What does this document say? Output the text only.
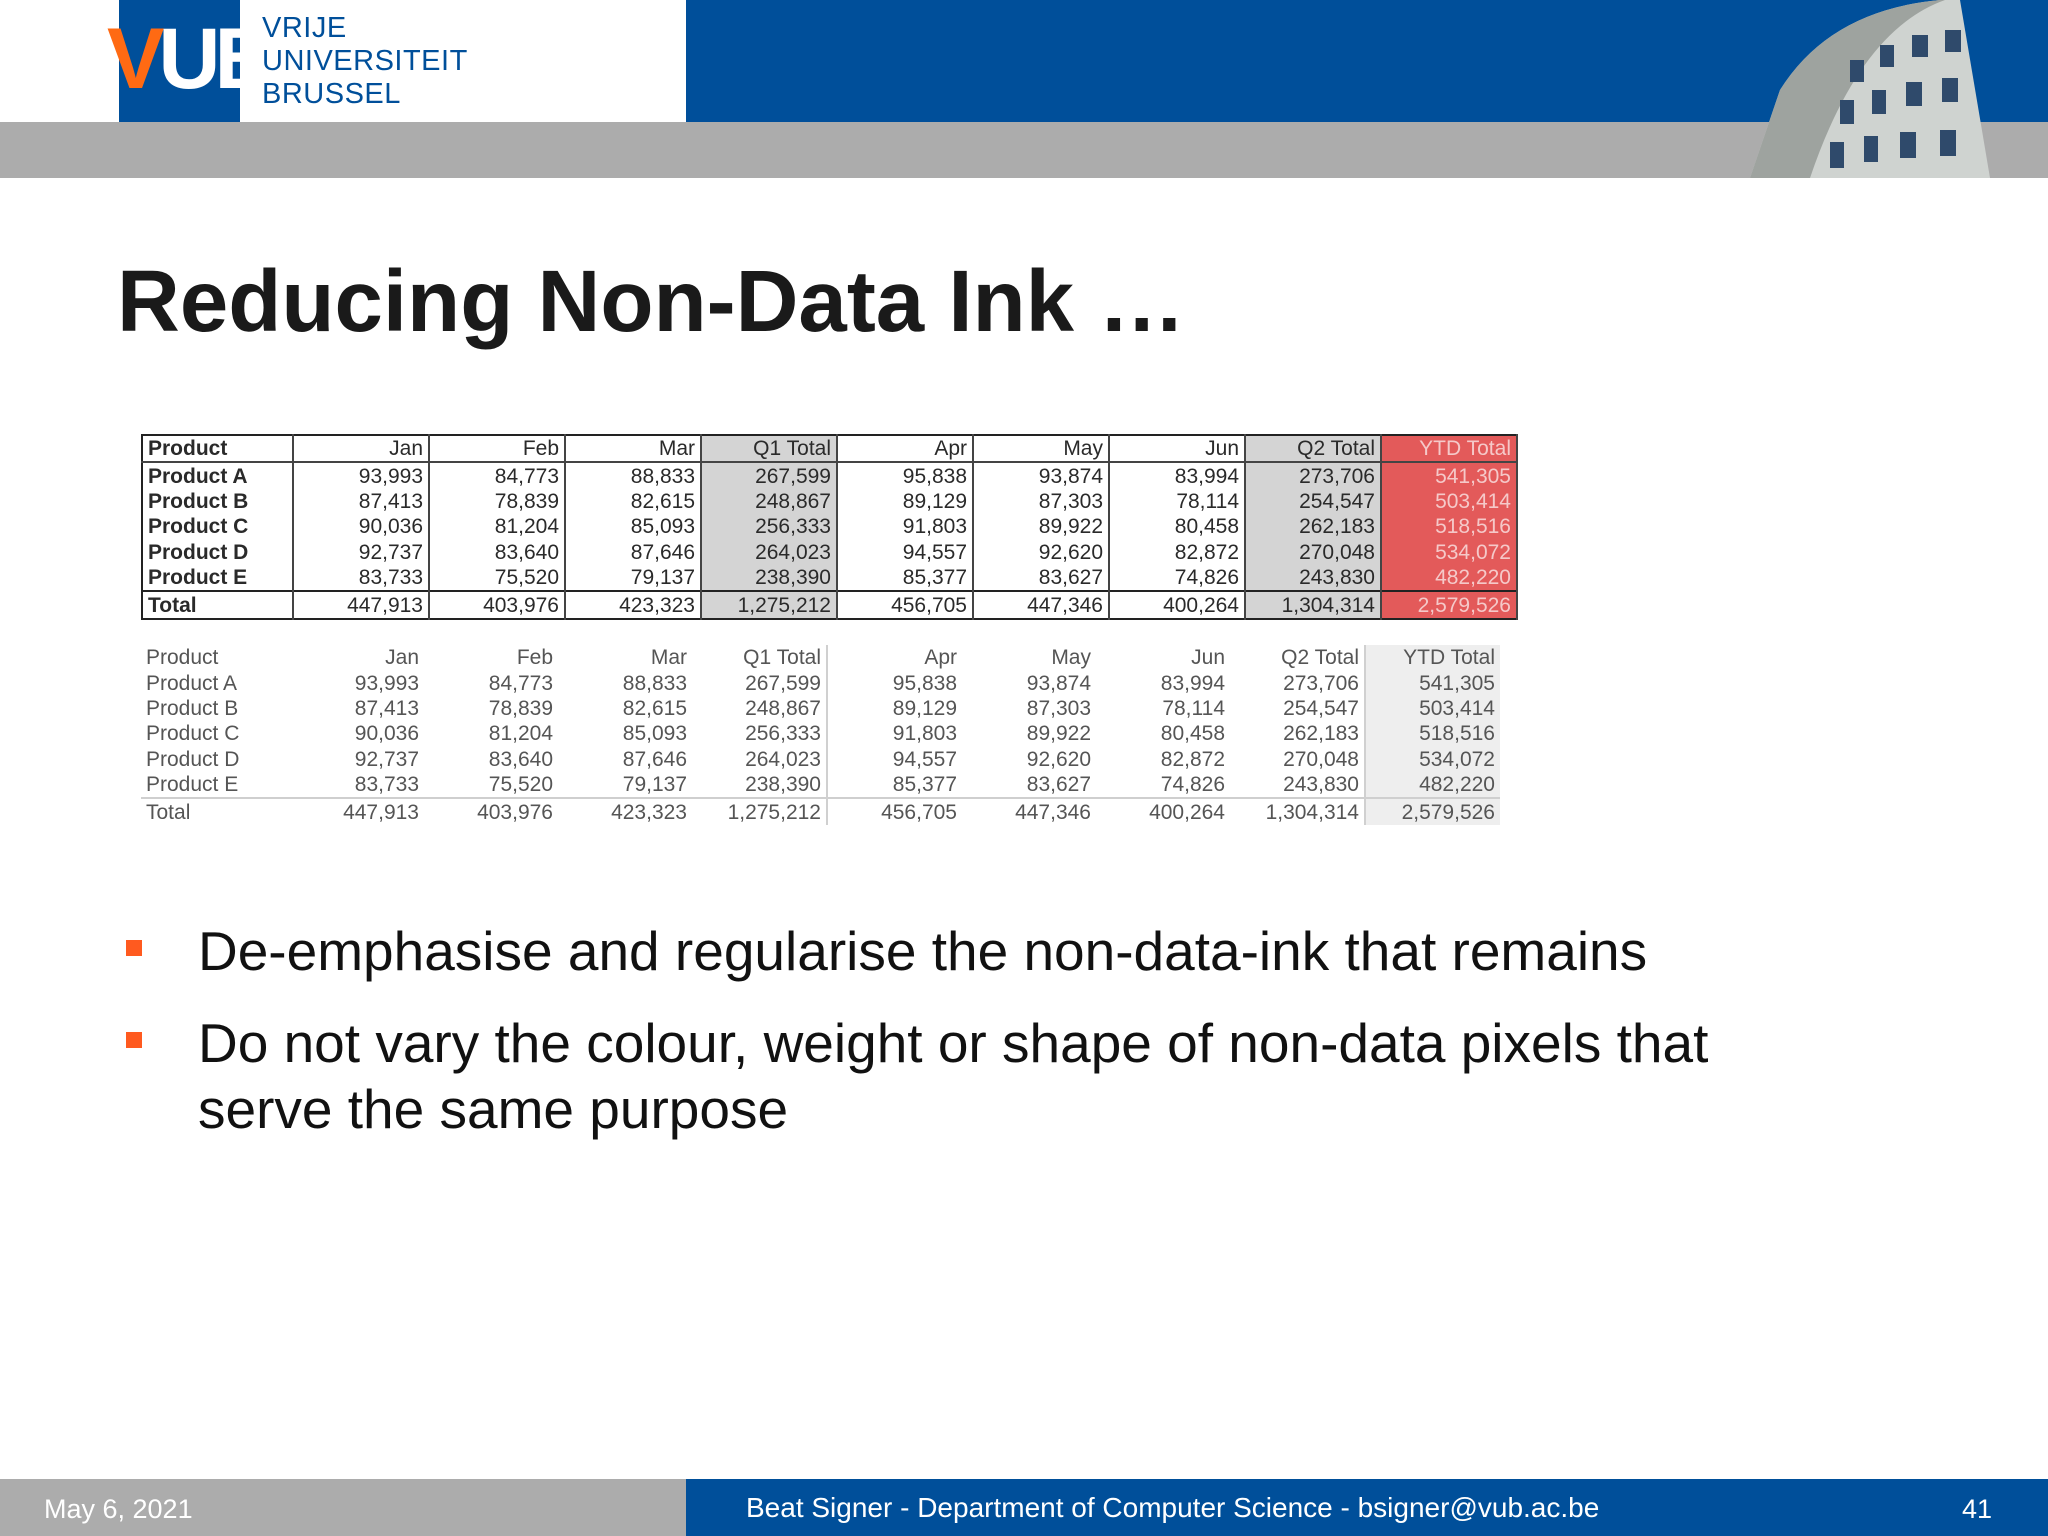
VUB
VRIJE
UNIVERSITEIT
BRUSSEL
Reducing Non-Data Ink …
Product	Jan	Feb	Mar	Q1 Total	Apr	May	Jun	Q2 Total	YTD Total
Product A	93,993	84,773	88,833	267,599	95,838	93,874	83,994	273,706	541,305
Product B	87,413	78,839	82,615	248,867	89,129	87,303	78,114	254,547	503,414
Product C	90,036	81,204	85,093	256,333	91,803	89,922	80,458	262,183	518,516
Product D	92,737	83,640	87,646	264,023	94,557	92,620	82,872	270,048	534,072
Product E	83,733	75,520	79,137	238,390	85,377	83,627	74,826	243,830	482,220
Total	447,913	403,976	423,323	1,275,212	456,705	447,346	400,264	1,304,314	2,579,526
Product	Jan	Feb	Mar	Q1 Total	Apr	May	Jun	Q2 Total	YTD Total
Product A	93,993	84,773	88,833	267,599	95,838	93,874	83,994	273,706	541,305
Product B	87,413	78,839	82,615	248,867	89,129	87,303	78,114	254,547	503,414
Product C	90,036	81,204	85,093	256,333	91,803	89,922	80,458	262,183	518,516
Product D	92,737	83,640	87,646	264,023	94,557	92,620	82,872	270,048	534,072
Product E	83,733	75,520	79,137	238,390	85,377	83,627	74,826	243,830	482,220
Total	447,913	403,976	423,323	1,275,212	456,705	447,346	400,264	1,304,314	2,579,526
De-emphasise and regularise the non-data-ink that remains
Do not vary the colour, weight or shape of non-data pixels that serve the same purpose
May 6, 2021	Beat Signer - Department of Computer Science - bsigner@vub.ac.be	41
